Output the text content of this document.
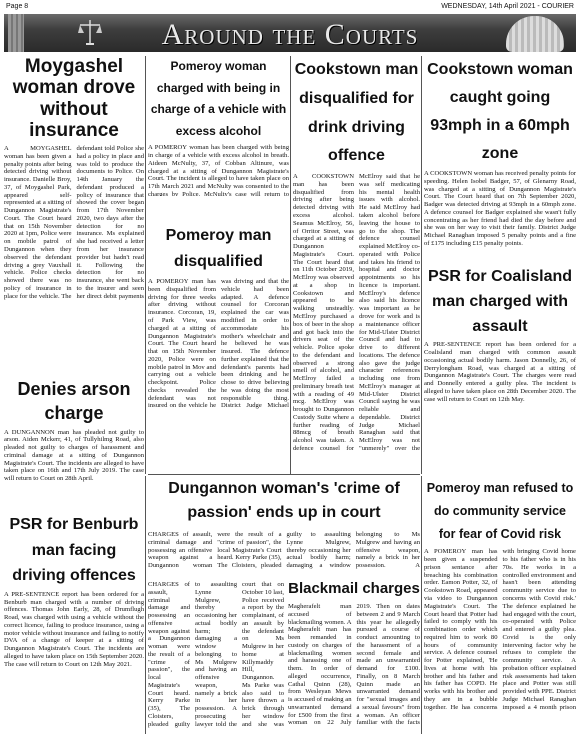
Page 8	WEDNESDAY, 14th April 2021 - COURIER
Around the Courts
Moygashel woman drove without insurance
A MOYGASHEL woman has been given a penalty points after being detected driving without insurance. Danielle Broy, 37, of Moygashel Park, appeared self-represented at a sitting of Dungannon Magistrate's Court. The Court heard that on 15th November 2020 at 1pm, Police were on mobile patrol of Dungannon when they observed the defendant driving a grey Vauxhall vehicle. Police checks showed there was no policy of insurance in place for the vehicle. The defendant told Police she had a policy in place and was told to produce the documents to Police. On 14th January the defendant produced a policy of insurance that showed the cover began from 17th November 2020, two days after the detection for no insurance. Ms explained she had received a letter from her insurance provider but hadn't read it. Following the detection for no insurance, she went back to the insurer and seen her direct debit payments
Pomeroy woman charged with being in charge of a vehicle with excess alcohol
A POMEROY woman has been charged with being in charge of a vehicle with excess alcohol in breath. Aideen McNulty, 37, of Cobban Altinure, was charged at a sitting of Dungannon Magistrate's Court. The incident is alleged to have taken place on 17th March 2021 and McNulty was consented to the charges by Police. McNulty's case will return to
Pomeroy man disqualified
A POMEROY man has been disqualified from driving for three weeks after driving without insurance. Corcoran, 19, of Park View, was charged at a sitting of Dungannon Magistrate's Court. The Court heard that on 15th November 2020, Police were on mobile patrol in Mov and carrying out a vehicle checkpoint. Police checks revealed the defendant was not insured on the vehicle he was driving and that the vehicle had been adapted. A defence counsel for Corcoran explained the car was modified in order to accommodate his mother's wheelchair and he believed he was insured. The defence further explained that the defendant's parents had been drinking and he chose to drive believing he was doing the most responsible thing. District Judge Michael
Cookstown man disqualified for drink driving offence
A COOKSTOWN man has been disqualified from driving after being detected driving with excess alcohol. Seamus McElroy, 56, of Orritor Street, was charged at a sitting of Dungannon Magistrate's Court. The Court heard that on 11th October 2019, McElroy was observed at a shop in Cookstown and appeared to be walking unsteadily. McElroy purchased a box of beer in the shop and got back into the drivers seat of the vehicle. Police spoke to the defendant and observed a strong smell of alcohol, and McElroy failed a preliminary breath test with a reading of 49 mcg. McElroy was brought to Dungannon Custody Suite where a further reading of 88mcg of breath alcohol was taken. A defence counsel for McElroy said that he was self medicating his mental health issues with alcohol. He said McElroy had taken alcohol before leaving the house to go to the shop. The defence counsel explained McElroy co-operated with Police and takes his friend to hospital and doctor appointments so his licence is important. McElroy's defence also said his licence was important as he drove for work and is a maintenance officer for Mid-Ulster District Council and had to drive to different locations. The defence also gave the judge character references including one from McElroy's manager at Mid-Ulster District Council saying he was reliable and dependable. District Judge Michael Ranaghan said that McElroy was not "unmerely" over the
Cookstown woman caught going 93mph in a 60mph zone
A COOKSTOWN woman has received penalty points for speeding. Helen Isobel Badger, 57, of Glenarny Road, was charged at a sitting of Dungannon Magistrate's Court. The Court heard that on 7th September 2020, Badger was detected driving at 93mph in a 60mph zone. A defence counsel for Badger explained she wasn't fully concentrating as her friend had died the day before and she was on her way to visit their family. District Judge Michael Ranaghan imposed 5 penalty points and a fine of £175 including £15 penalty points.
PSR for Coalisland man charged with assault
A PRE-SENTENCE report has been ordered for a Coalisland man charged with common assault occasioning actual bodily harm. Jason Donnelly, 26, of Derrylongham Road, was charged at a sitting of Dungannon Magistrate's Court. The charges were read and Donnelly entered a guilty plea. The incident is alleged to have taken place on 28th December 2020. The case will return to Court on 12th May.
Denies arson charge
A DUNGANNON man has pleaded not guilty to arson. Aiden Mckerr, 41, of Tullyhilmg Road, also pleaded not guilty to charges of harassment and criminal damage at a sitting of Dungannon Magistrate's Court. The incidents are alleged to have taken place on 16th and 17th July 2019. The case will return to Court on 28th April.
PSR for Benburb man facing driving offences
A PRE-SENTENCE report has been ordered for a Benburb man charged with a number of driving offences. Thomas John Early, 28, of Drumflugh Road, was charged with using a vehicle without the correct licence, failing to produce insurance, using a motor vehicle without insurance and failing to notify DVA of a change of keeper at a sitting of Dungannon Magistrate's Court. The incidents are alleged to have taken place on 15th September 2020. The case will return to Court on 12th May 2021.
Dungannon woman's 'crime of passion' ends up in court
CHARGES of assault, criminal damage and possessing an offensive weapon against a Dungannon woman were the result of a "crime of passion", the local Magistrate's Court heard. Kerry Parke (35), The Cloisters, pleaded guilty to assaulting Lynne Mulgrew, thereby occasioning her actual bodily harm; damaging a window belonging to Ms Mulgrew and having an offensive weapon, namely a brick in her possession. A
CHARGES of assault, criminal damage and possessing an offensive weapon against a Dungannon woman were the result of a "crime of passion", the local Magistrate's Court heard. Kerry Parke (35), The Cloisters, pleaded guilty to assaulting Lynne Mulgrew, thereby occasioning her actual bodily harm; damaging a window belonging to Ms Mulgrew and having an offensive weapon, namely a brick in her possession. A prosecuting lawyer told the court that on October 10 last, Police received a report by the complainant, of an assault by the defendant on Ms Mulgrew in her home at Killymaddy Hill, Dungannon. Ms Parke was also said to have thrown a brick through her window and she was
Blackmail charges
Magherafelt man accused of blackmailing women. A Magherafelt man has been remanded in custody on charges of blackmailing women and harassing one of them. In order of alleged occurrence, Cathal Quinn (28), from Wesleyan Mews is accused of making an unwarranted demand for £500 from the first woman on 22 July 2019. Then on dates between 2 and 9 March this year he allegedly pursued a course of conduct amounting to the harassment of a second female and made an unwarranted demand for £100. Finally, on 8 March Quinn made an unwarranted demand for "sexual images and a sexual favours" from a woman. An officer familiar with the facts
Pomeroy man refused to do community service for fear of Covid risk
A POMEROY man has been given a suspended prison sentance after breaching his combination order. Eamon Potter, 32, of Cookstown Road, appeared via video to Dungannon Magistrate's Court. The Court heard that Potter had failed to comply with his combination order which required him to work 80 hours of community service. A defence counsel for Potter explained, 'He lives at home with his brother and his father and his father has COPD. He works with his brother and they are in a bubble together. He has concerns with bringing Covid home to his father who is in his 70s. He works in a controlled environment and hasn't been attending community service due to concerns with Covid risk.' The defence explained he had engaged with the court, co-operated with Police and entered a guilty plea. Covid is the only intervening factor why he refuses to complete the community service. A probation officer explained risk assessments had taken place and Potter was still provided with PPE. District Judge Michael Ranaghan imposed a 4 month prison
